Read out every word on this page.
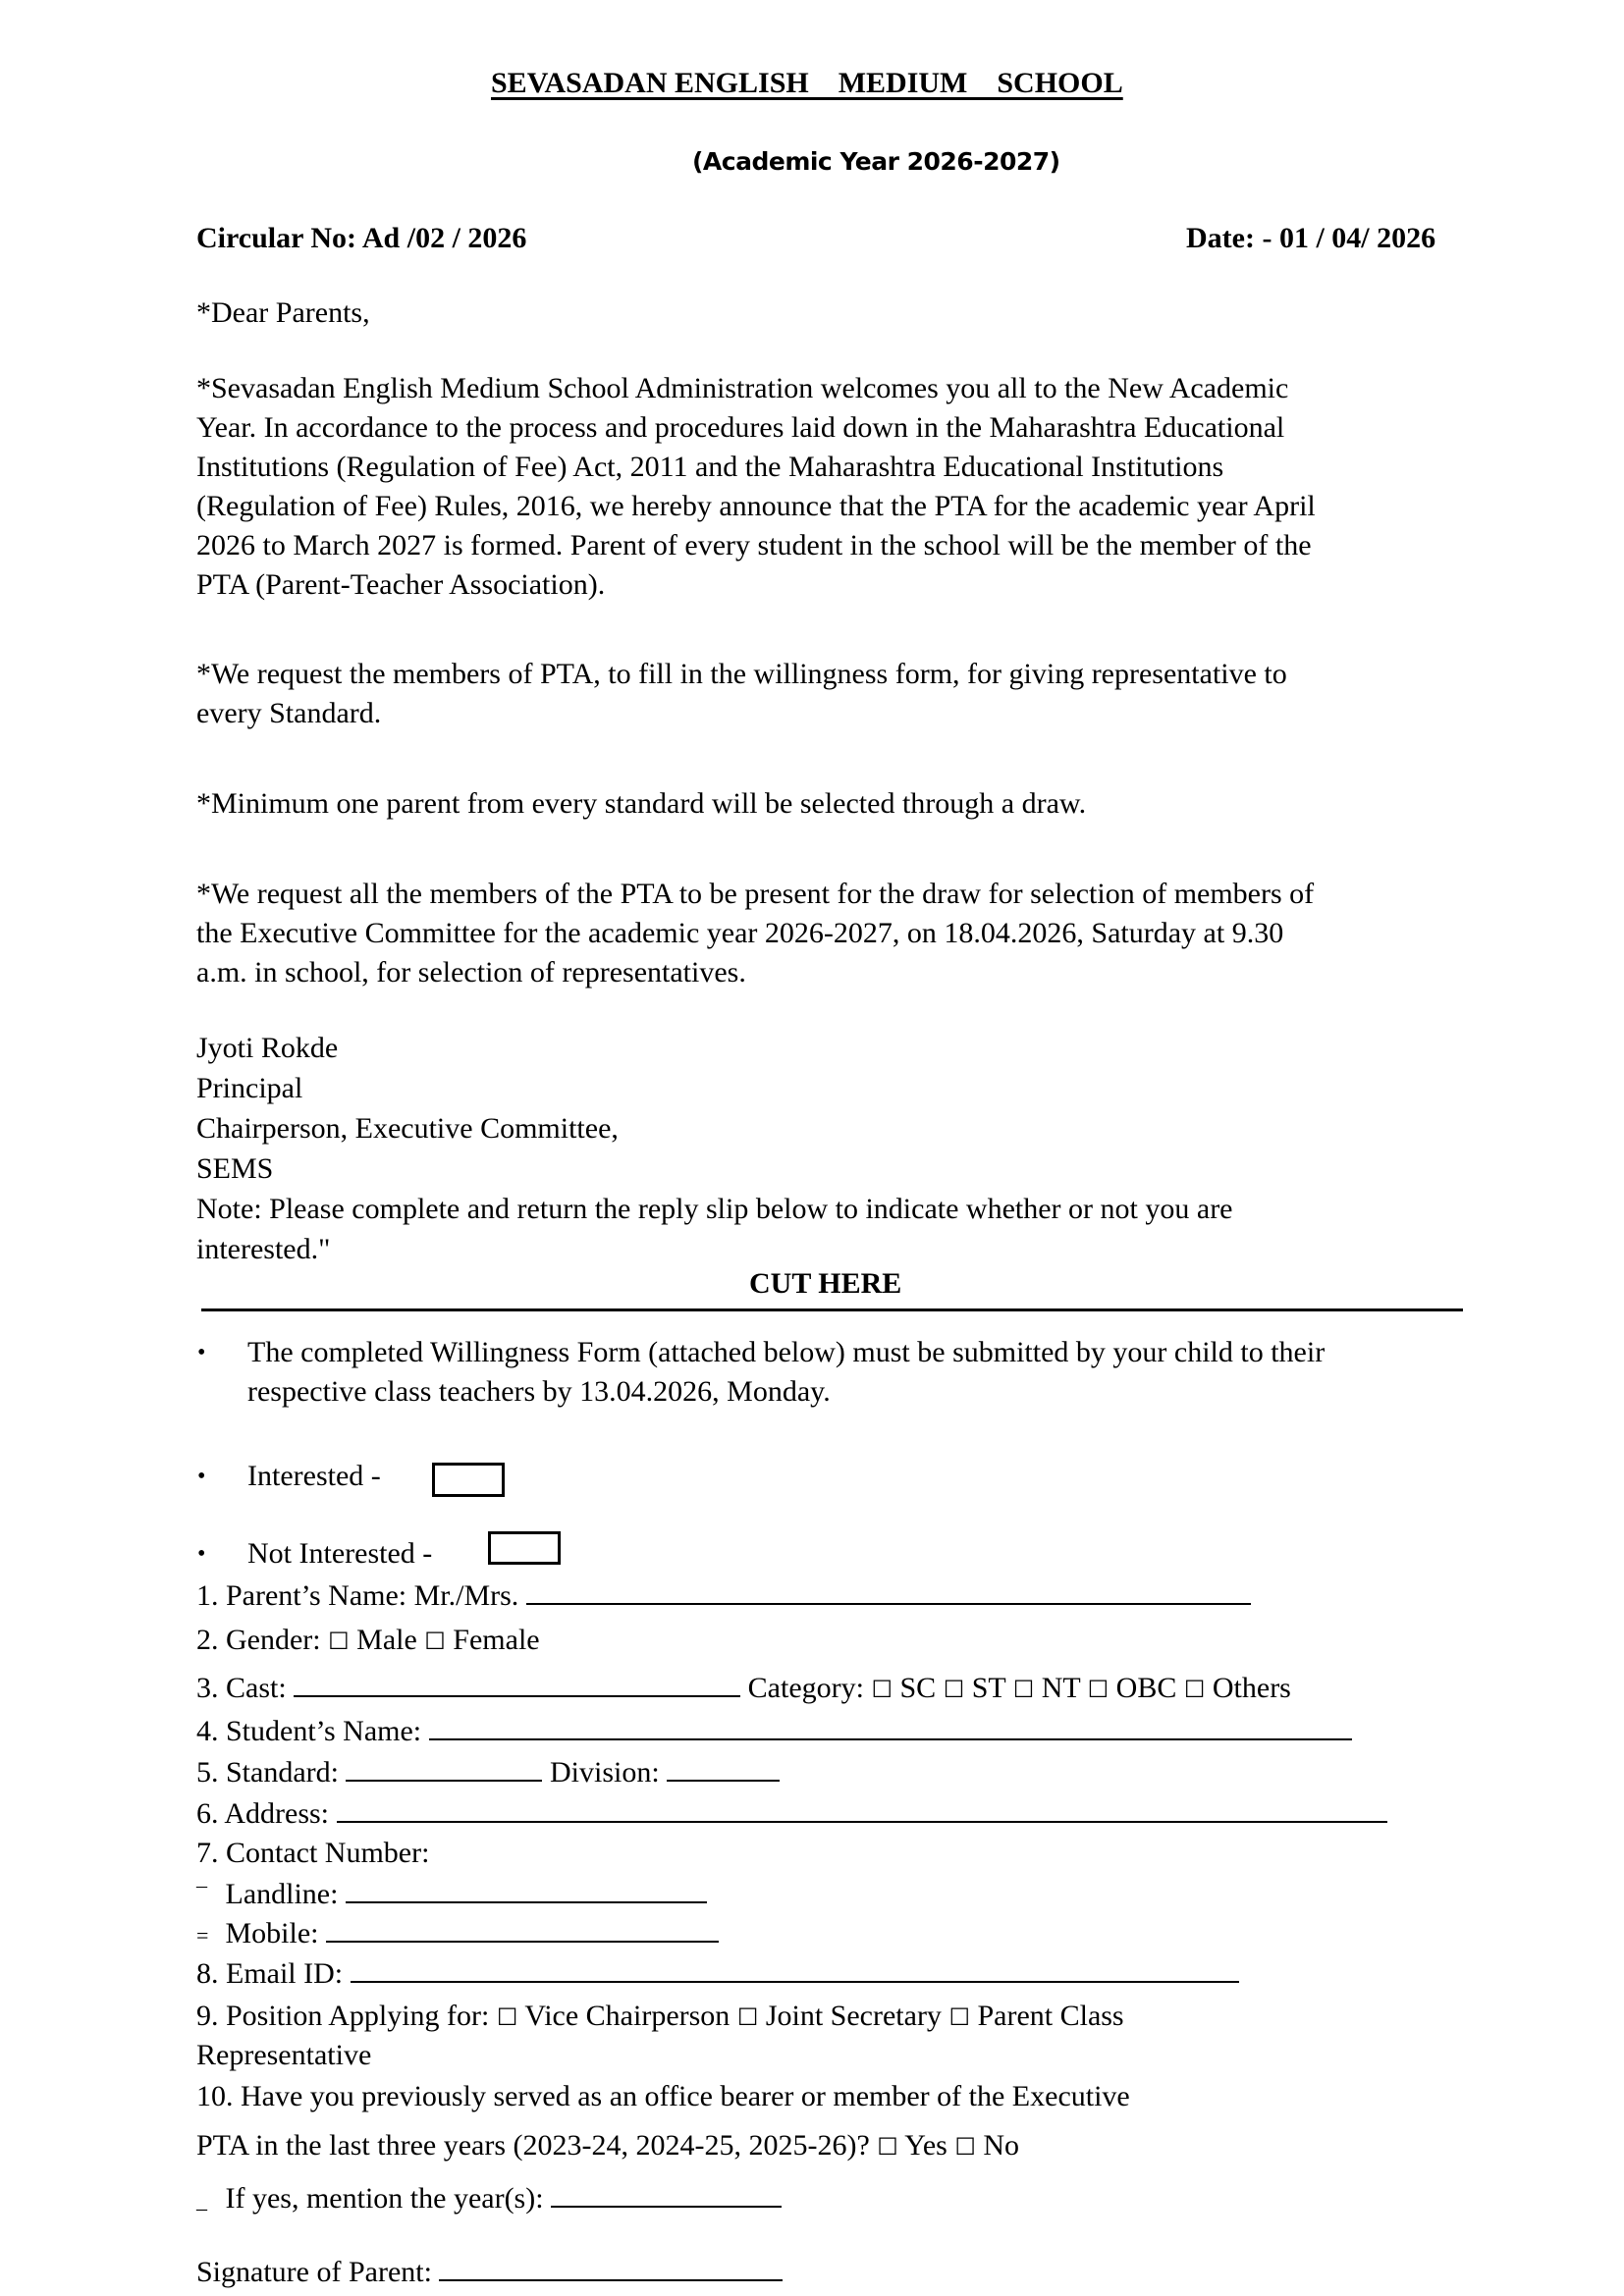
SEVASADAN ENGLISH    MEDIUM    SCHOOL
(Academic Year 2026-2027)
Circular No: Ad /02 / 2026	Date: - 01 / 04/ 2026
*Dear Parents,
*Sevasadan English Medium School Administration welcomes you all to the New Academic
Year. In accordance to the process and procedures laid down in the Maharashtra Educational
Institutions (Regulation of Fee) Act, 2011 and the Maharashtra Educational Institutions
(Regulation of Fee) Rules, 2016, we hereby announce that the PTA for the academic year April
2026 to March 2027 is formed. Parent of every student in the school will be the member of the
PTA (Parent-Teacher Association).
*We request the members of PTA, to fill in the willingness form, for giving representative to
every Standard.
*Minimum one parent from every standard will be selected through a draw.
*We request all the members of the PTA to be present for the draw for selection of members of
the Executive Committee for the academic year 2026-2027, on 18.04.2026, Saturday at 9.30
a.m. in school, for selection of representatives.
Jyoti Rokde
Principal
Chairperson, Executive Committee,
SEMS
Note: Please complete and return the reply slip below to indicate whether or not you are
interested."
CUT HERE
• The completed Willingness Form (attached below) must be submitted by your child to their
respective class teachers by 13.04.2026, Monday.
• Interested -
• Not Interested -
1. Parent’s Name: Mr./Mrs.
2. Gender: ☐ Male ☐ Female
3. Cast:	Category: ☐ SC ☐ ST ☐ NT ☐ OBC ☐ Others
4. Student’s Name:
5. Standard:	Division:
6. Address:
7. Contact Number:
¯ Landline:
= Mobile:
8. Email ID:
9. Position Applying for: ☐ Vice Chairperson ☐ Joint Secretary ☐ Parent Class
Representative
10. Have you previously served as an office bearer or member of the Executive
PTA in the last three years (2023-24, 2024-25, 2025-26)? ☐ Yes ☐ No
_ If yes, mention the year(s):
Signature of Parent:
